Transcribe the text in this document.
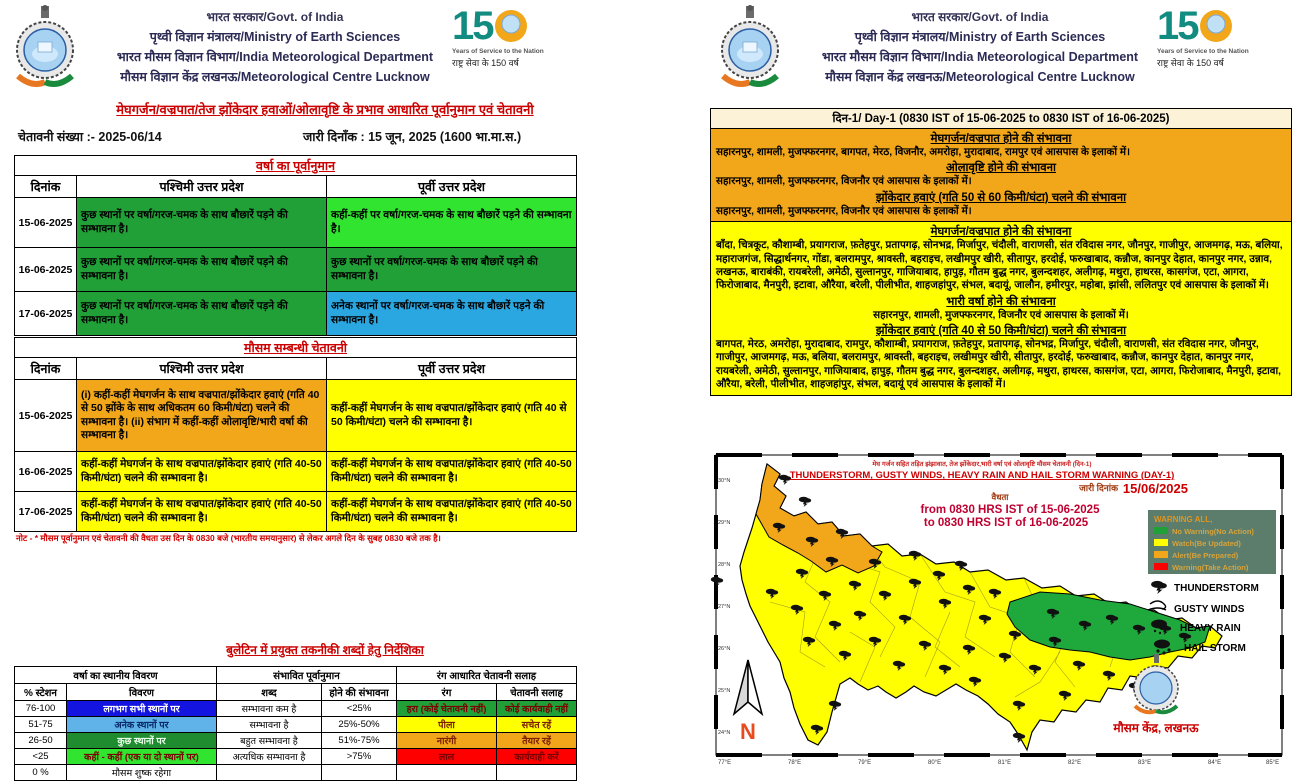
भारत सरकार/Govt. of India
पृथ्वी विज्ञान मंत्रालय/Ministry of Earth Sciences
भारत मौसम विज्ञान विभाग/India Meteorological Department
मौसम विज्ञान केंद्र लखनऊ/Meteorological Centre Lucknow
15
Years of Service to the Nation
राष्ट्र सेवा के 150 वर्ष
मेघगर्जन/वज्रपात/तेज झोंकेदार हवाओं/ओलावृष्टि के प्रभाव आधारित पूर्वानुमान एवं चेतावनी
चेतावनी संख्या :- 2025-06/14	जारी दिनाँक : 15 जून, 2025 (1600 भा.मा.स.)
वर्षा का पूर्वानुमान		
दिनांक	पश्चिमी उत्तर प्रदेश	पूर्वी उत्तर प्रदेश
15-06-2025	कुछ स्थानों पर वर्षा/गरज-चमक के साथ बौछारें पड़ने की सम्भावना है।	कहीं-कहीं पर वर्षा/गरज-चमक के साथ बौछारें पड़ने की सम्भावना है।
16-06-2025	कुछ स्थानों पर वर्षा/गरज-चमक के साथ बौछारें पड़ने की सम्भावना है।	कुछ स्थानों पर वर्षा/गरज-चमक के साथ बौछारें पड़ने की सम्भावना है।
17-06-2025	कुछ स्थानों पर वर्षा/गरज-चमक के साथ बौछारें पड़ने की सम्भावना है।	अनेक स्थानों पर वर्षा/गरज-चमक के साथ बौछारें पड़ने की सम्भावना है।
मौसम सम्बन्धी चेतावनी		
दिनांक	पश्चिमी उत्तर प्रदेश	पूर्वी उत्तर प्रदेश
15-06-2025	(i) कहीं-कहीं मेघगर्जन के साथ वज्रपात/झोंकेदार हवाएं (गति 40 से 50 झोंके के साथ अधिकतम 60 किमी/घंटा) चलने की सम्भावना है। (ii) संभाग में कहीं-कहीं ओलावृष्टि/भारी वर्षा की सम्भावना है।	कहीं-कहीं मेघगर्जन के साथ वज्रपात/झोंकेदार हवाएं (गति 40 से 50 किमी/घंटा) चलने की सम्भावना है।
16-06-2025	कहीं-कहीं मेघगर्जन के साथ वज्रपात/झोंकेदार हवाएं (गति 40-50 किमी/घंटा) चलने की सम्भावना है।	कहीं-कहीं मेघगर्जन के साथ वज्रपात/झोंकेदार हवाएं (गति 40-50 किमी/घंटा) चलने की सम्भावना है।
17-06-2025	कहीं-कहीं मेघगर्जन के साथ वज्रपात/झोंकेदार हवाएं (गति 40-50 किमी/घंटा) चलने की सम्भावना है।	कहीं-कहीं मेघगर्जन के साथ वज्रपात/झोंकेदार हवाएं (गति 40-50 किमी/घंटा) चलने की सम्भावना है।
नोट - * मौसम पूर्वानुमान एवं चेतावनी की वैधता उस दिन के 0830 बजे (भारतीय समयानुसार) से लेकर अगले दिन के सुबह 0830 बजे तक है।
बुलेटिन में प्रयुक्त तकनीकी शब्दों हेतु निर्देशिका
वर्षा का स्थानीय विवरण		संभावित पूर्वानुमान		रंग आधारित चेतावनी सलाह	
% स्टेशन	विवरण	शब्द	होने की संभावना	रंग	चेतावनी सलाह
76-100	लगभग सभी स्थानों पर	सम्भावना कम है	<25%	हरा (कोई चेतावनी नहीं)	कोई कार्यवाही नहीं
51-75	अनेक स्थानों पर	सम्भावना है	25%-50%	पीला	सचेत रहें
26-50	कुछ स्थानों पर	बहुत सम्भावना है	51%-75%	नारंगी	तैयार रहें
<25	कहीं - कहीं (एक या दो स्थानों पर)	अत्यधिक सम्भावना है	>75%	लाल	कार्यवाही करें
0 %	मौसम शुष्क रहेगा				
भारत सरकार/Govt. of India
पृथ्वी विज्ञान मंत्रालय/Ministry of Earth Sciences
भारत मौसम विज्ञान विभाग/India Meteorological Department
मौसम विज्ञान केंद्र लखनऊ/Meteorological Centre Lucknow
15
Years of Service to the Nation
राष्ट्र सेवा के 150 वर्ष
दिन-1/ Day-1 (0830 IST of 15-06-2025 to 0830 IST of 16-06-2025)
मेघगर्जन/वज्रपात होने की संभावना

सहारनपुर, शामली, मुजफ्फरनगर, बागपत, मेरठ, विजनौर, अमरोहा, मुरादाबाद, रामपुर एवं आसपास के इलाकों में।

ओलावृष्टि होने की संभावना

सहारनपुर, शामली, मुजफ्फरनगर, विजनौर एवं आसपास के इलाकों में।

झोंकेदार हवाएं (गति 50 से 60 किमी/घंटा) चलने की संभावना

सहारनपुर, शामली, मुजफ्फरनगर, विजनौर एवं आसपास के इलाकों में।

मेघगर्जन/वज्रपात होने की संभावना

बाँदा, चित्रकूट, कौशाम्बी, प्रयागराज, फ़तेहपुर, प्रतापगढ़, सोनभद्र, मिर्जापुर, चंदौली, वाराणसी, संत रविदास नगर, जौनपुर, गाजीपुर, आजमगढ़, मऊ, बलिया, महाराजगंज, सिद्धार्थनगर, गोंडा, बलरामपुर, श्रावस्ती, बहराइच, लखीमपुर खीरी, सीतापुर, हरदोई, फरुखाबाद, कन्नौज, कानपुर देहात, कानपुर नगर, उन्नाव, लखनऊ, बाराबंकी, रायबरेली, अमेठी, सुल्तानपुर, गाजियाबाद, हापुड़, गौतम बुद्ध नगर, बुलन्दशहर, अलीगढ़, मथुरा, हाथरस, कासगंज, एटा, आगरा, फिरोजाबाद, मैनपुरी, इटावा, औरैया, बरेली, पीलीभीत, शाहजहांपुर, संभल, बदायूं, जालौन, हमीरपुर, महोबा, झांसी, ललितपुर एवं आसपास के इलाकों में।

भारी वर्षा होने की संभावना

सहारनपुर, शामली, मुजफ्फरनगर, विजनौर एवं आसपास के इलाकों में।

झोंकेदार हवाएं (गति 40 से 50 किमी/घंटा) चलने की संभावना

बागपत, मेरठ, अमरोहा, मुरादाबाद, रामपुर, कौशाम्बी, प्रयागराज, फ़तेहपुर, प्रतापगढ़, सोनभद्र, मिर्जापुर, चंदौली, वाराणसी, संत रविदास नगर, जौनपुर, गाजीपुर, आजमगढ़, मऊ, बलिया, बलरामपुर, श्रावस्ती, बहराइच, लखीमपुर खीरी, सीतापुर, हरदोई, फरुखाबाद, कन्नौज, कानपुर देहात, कानपुर नगर, रायबरेली, अमेठी, सुल्तानपुर, गाजियाबाद, हापुड़, गौतम बुद्ध नगर, बुलन्दशहर, अलीगढ़, मथुरा, हाथरस, कासगंज, एटा, आगरा, फिरोजाबाद, मैनपुरी, इटावा, औरैया, बरेली, पीलीभीत, शाहजहांपुर, संभल, बदायूं एवं आसपास के इलाकों में।

मेघ गर्जन सहित तड़ित झंझावात, तेज झोंकेदार,भारी वर्षा एवं ओलावृष्टि मौसम चेतावनी (दिन-1)
THUNDERSTORM, GUSTY WINDS, HEAVY RAIN AND HAIL STORM WARNING (DAY-1)
जारी दिनांक 15/06/2025
वैधता
from 0830 HRS IST of 15-06-2025
to 0830 HRS IST of 16-06-2025	WARNING ALL,
No Warning(No Action)
Watch(Be Updated)
Alert(Be Prepared)
Warning(Take Action)
THUNDERSTORM
GUSTY WINDS
HEAVY RAIN
HAIL STORM
N	मौसम केंद्र, लखनऊ
77°E	78°E	79°E	80°E	81°E	82°E	83°E	84°E	85°E
30°N
29°N
28°N
27°N
26°N
25°N
24°N
